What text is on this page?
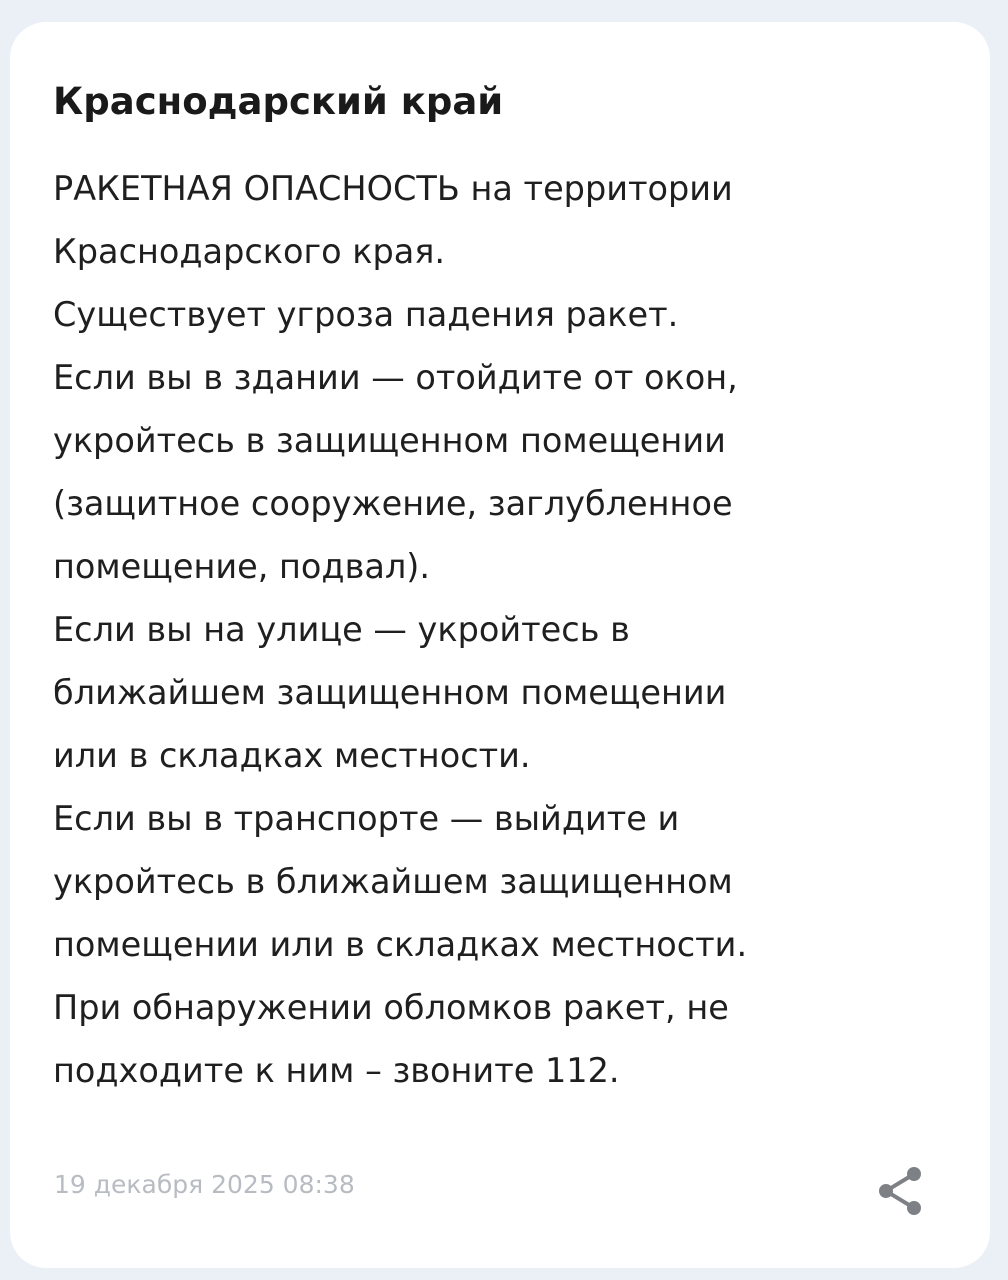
Краснодарский край
РАКЕТНАЯ ОПАСНОСТЬ на территории
Краснодарского края.
Существует угроза падения ракет.
Если вы в здании — отойдите от окон,
укройтесь в защищенном помещении
(защитное сооружение, заглубленное
помещение, подвал).
Если вы на улице — укройтесь в
ближайшем защищенном помещении
или в складках местности.
Если вы в транспорте — выйдите и
укройтесь в ближайшем защищенном
помещении или в складках местности.
При обнаружении обломков ракет, не
подходите к ним – звоните 112.
19 декабря 2025 08:38
